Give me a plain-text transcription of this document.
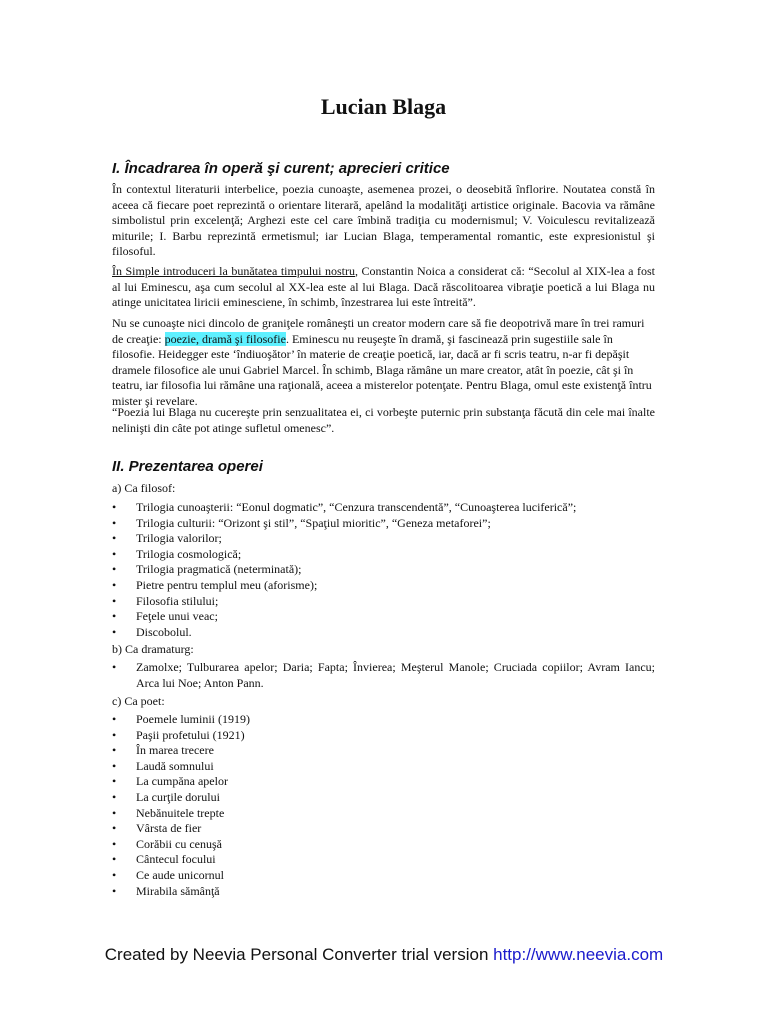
Lucian Blaga
I. Încadrarea în operă şi curent; aprecieri critice

În contextul literaturii interbelice, poezia cunoaşte, asemenea prozei, o deosebită înflorire. Noutatea constă în aceea că fiecare poet reprezintă o orientare literară, apelând la modalităţi artistice originale. Bacovia va rămâne simbolistul prin excelenţă; Arghezi este cel care îmbină tradiţia cu modernismul; V. Voiculescu revitalizează miturile; I. Barbu reprezintă ermetismul; iar Lucian Blaga, temperamental romantic, este expresionistul şi filosoful.

În Simple introduceri la bunătatea timpului nostru, Constantin Noica a considerat că: “Secolul al XIX-lea a fost al lui Eminescu, aşa cum secolul al XX-lea este al lui Blaga. Dacă răscolitoarea vibraţie poetică a lui Blaga nu atinge unicitatea liricii eminesciene, în schimb, înzestrarea lui este întreită”.

Nu se cunoaşte nici dincolo de graniţele româneşti un creator modern care să fie deopotrivă mare în trei ramuri de creaţie: poezie, dramă şi filosofie. Eminescu nu reuşeşte în dramă, şi fascinează prin sugestiile sale în filosofie. Heidegger este ‘îndiuoşător’ în materie de creaţie poetică, iar, dacă ar fi scris teatru, n-ar fi depăşit dramele filosofice ale unui Gabriel Marcel. În schimb, Blaga rămâne un mare creator, atât în poezie, cât şi în teatru, iar filosofia lui rămâne una raţională, aceea a misterelor potenţate. Pentru Blaga, omul este existenţă întru mister şi revelare.

“Poezia lui Blaga nu cucereşte prin senzualitatea ei, ci vorbeşte puternic prin substanţa făcută din cele mai înalte nelinişti din câte pot atinge sufletul omenesc”.

II. Prezentarea operei

a) Ca filosof:

• Trilogia cunoaşterii: “Eonul dogmatic”, “Cenzura transcendentă”, “Cunoaşterea luciferică”;
• Trilogia culturii: “Orizont şi stil”, “Spaţiul mioritic”, “Geneza metaforei”;
• Trilogia valorilor;
• Trilogia cosmologică;
• Trilogia pragmatică (neterminată);
• Pietre pentru templul meu (aforisme);
• Filosofia stilului;
• Feţele unui veac;
• Discobolul.

b) Ca dramaturg:

• Zamolxe; Tulburarea apelor; Daria; Fapta; Învierea; Meşterul Manole; Cruciada copiilor; Avram Iancu; Arca lui Noe; Anton Pann.

c) Ca poet:

• Poemele luminii (1919)
• Paşii profetului (1921)
• În marea trecere
• Laudă somnului
• La cumpăna apelor
• La curţile dorului
• Nebănuitele trepte
• Vârsta de fier
• Corăbii cu cenuşă
• Cântecul focului
• Ce aude unicornul
• Mirabila sămânţă
Created by Neevia Personal Converter trial version http://www.neevia.com
